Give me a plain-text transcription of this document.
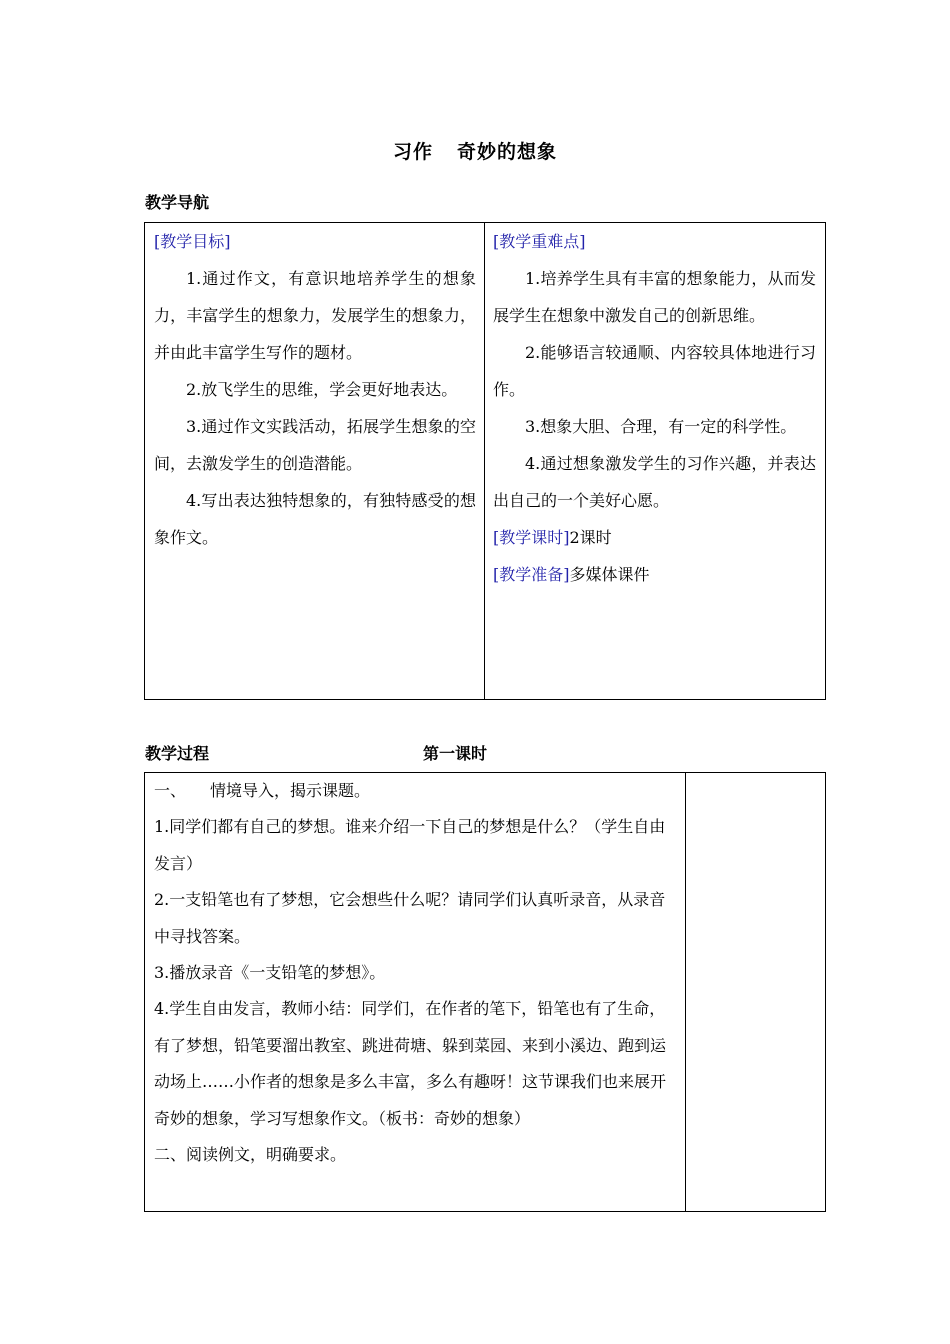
习作 奇妙的想象
教学导航
[教学目标]

1.通过作文，有意识地培养学生的想象力，丰富学生的想象力，发展学生的想象力，并由此丰富学生写作的题材。

2.放飞学生的思维，学会更好地表达。

3.通过作文实践活动，拓展学生想象的空间，去激发学生的创造潜能。

4.写出表达独特想象的，有独特感受的想象作文。

[教学重难点]

1.培养学生具有丰富的想象能力，从而发展学生在想象中激发自己的创新思维。

2.能够语言较通顺、内容较具体地进行习作。

3.想象大胆、合理，有一定的科学性。

4.通过想象激发学生的习作兴趣，并表达出自己的一个美好心愿。

[教学课时]2课时

[教学准备]多媒体课件

教学过程	第一课时

一、　　情境导入，揭示课题。

1.同学们都有自己的梦想。谁来介绍一下自己的梦想是什么？（学生自由发言）

2.一支铅笔也有了梦想，它会想些什么呢？请同学们认真听录音，从录音中寻找答案。

3.播放录音《一支铅笔的梦想》。

4.学生自由发言，教师小结：同学们，在作者的笔下，铅笔也有了生命，有了梦想，铅笔要溜出教室、跳进荷塘、躲到菜园、来到小溪边、跑到运动场上……小作者的想象是多么丰富，多么有趣呀！这节课我们也来展开奇妙的想象，学习写想象作文。（板书：奇妙的想象）

二、阅读例文，明确要求。
